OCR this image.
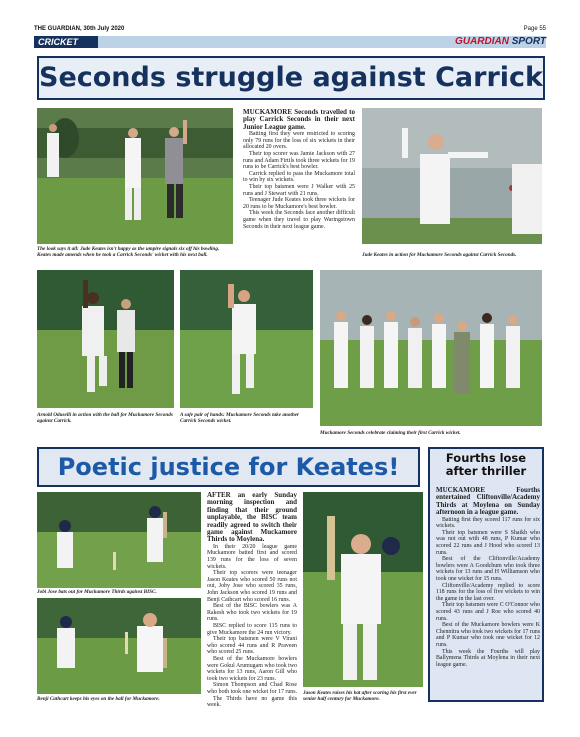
THE GUARDIAN, 30th July 2020	Page 55
CRICKET	GUARDIAN SPORT
Seconds struggle against Carrick
The look says it all: Jude Keates isn't happy as the umpire signals six off his bowling. Keates made amends when he took a Carrick Seconds' wicket with his next ball.

MUCKAMORE Seconds travelled to play Carrick Seconds in their next Junior League game.

Batting first they were restricted to scoring only 79 runs for the loss of six wickets in their allocated 20 overs.

Their top scorer was Jamie Jackson with 27 runs and Adam Firtils took three wickets for 19 runs to be Carrick's best bowler.

Carrick replied to pass the Muckamore total to win by six wickets.

Their top batsmen were J Walker with 25 runs and J Stewart with 21 runs.

Teenager Jude Keates took three wickets for 20 runs to be Muckamore's best bowler.

This week the Seconds face another difficult game when they travel to play Waringstown Seconds in their next league game.

Jude Keates in action for Muckamore Seconds against Carrick Seconds.
Arnold Oduselli in action with the ball for Muckamore Seconds against Carrick.
A safe pair of hands: Muckamore Seconds take another Carrick Seconds wicket.
Muckamore Seconds celebrate claiming their first Carrick wicket.
Poetic justice for Keates!
Jobi Jose bats out for Muckamore Thirds against BISC.
Benji Cathcart keeps his eyes on the ball for Muckamore.

AFTER an early Sunday morning inspection and finding that their ground unplayable, the BISC team readily agreed to switch their game against Muckamore Thirds to Moylena.

In their 20/20 league game Muckamore batted first and scored 139 runs for the loss of seven wickets.

Their top scorers were teenager Jason Keates who scored 50 runs not out, Joby Jose who scored 35 runs, John Jackson who scored 19 runs and Benji Cathcart who scored 16 runs.

Best of the BISC bowlers was A Rakesh who took two wickets for 19 runs.

BISC replied to score 115 runs to give Muckamore the 24 run victory.

Their top batsmen were V Virani who scored 44 runs and R Praveen who scored 25 runs.

Best of the Muckamore bowlers were Gokul Arumugam who took two wickets for 13 runs, Aaron Gill who took two wickets for 23 runs.

Simon Thompson and Chad Rose who both took one wicket for 17 runs.

The Thirds have no game this week.

Jason Keates raises his bat after scoring his first ever senior half century for Muckamore.
Fourths lose after thriller

MUCKAMORE Fourths entertained Cliftonville/Academy Thirds at Moylena on Sunday afternoon in a league game.

Batting first they scored 117 runs for six wickets.

Their top batsmen were S Shaikh who was not out with 48 runs, P Kumar who scored 22 runs and J Hood who scored 13 runs.

Best of the Cliftonville/Academy bowlers were A Goodchum who took three wickets for 13 runs and H Williamson who took one wicket for 15 runs.

Cliftonville/Academy replied to score 118 runs for the loss of five wickets to win the game in the last over.

Their top batsmen were C O'Connor who scored 43 runs and J Roe who scored 40 runs.

Best of the Muckamore bowlers were K Chennitra who took two wickets for 17 runs and P Kumar who took one wicket for 12 runs.

This week the Fourths will play Ballymena Thirds at Moylena in their next league game.
